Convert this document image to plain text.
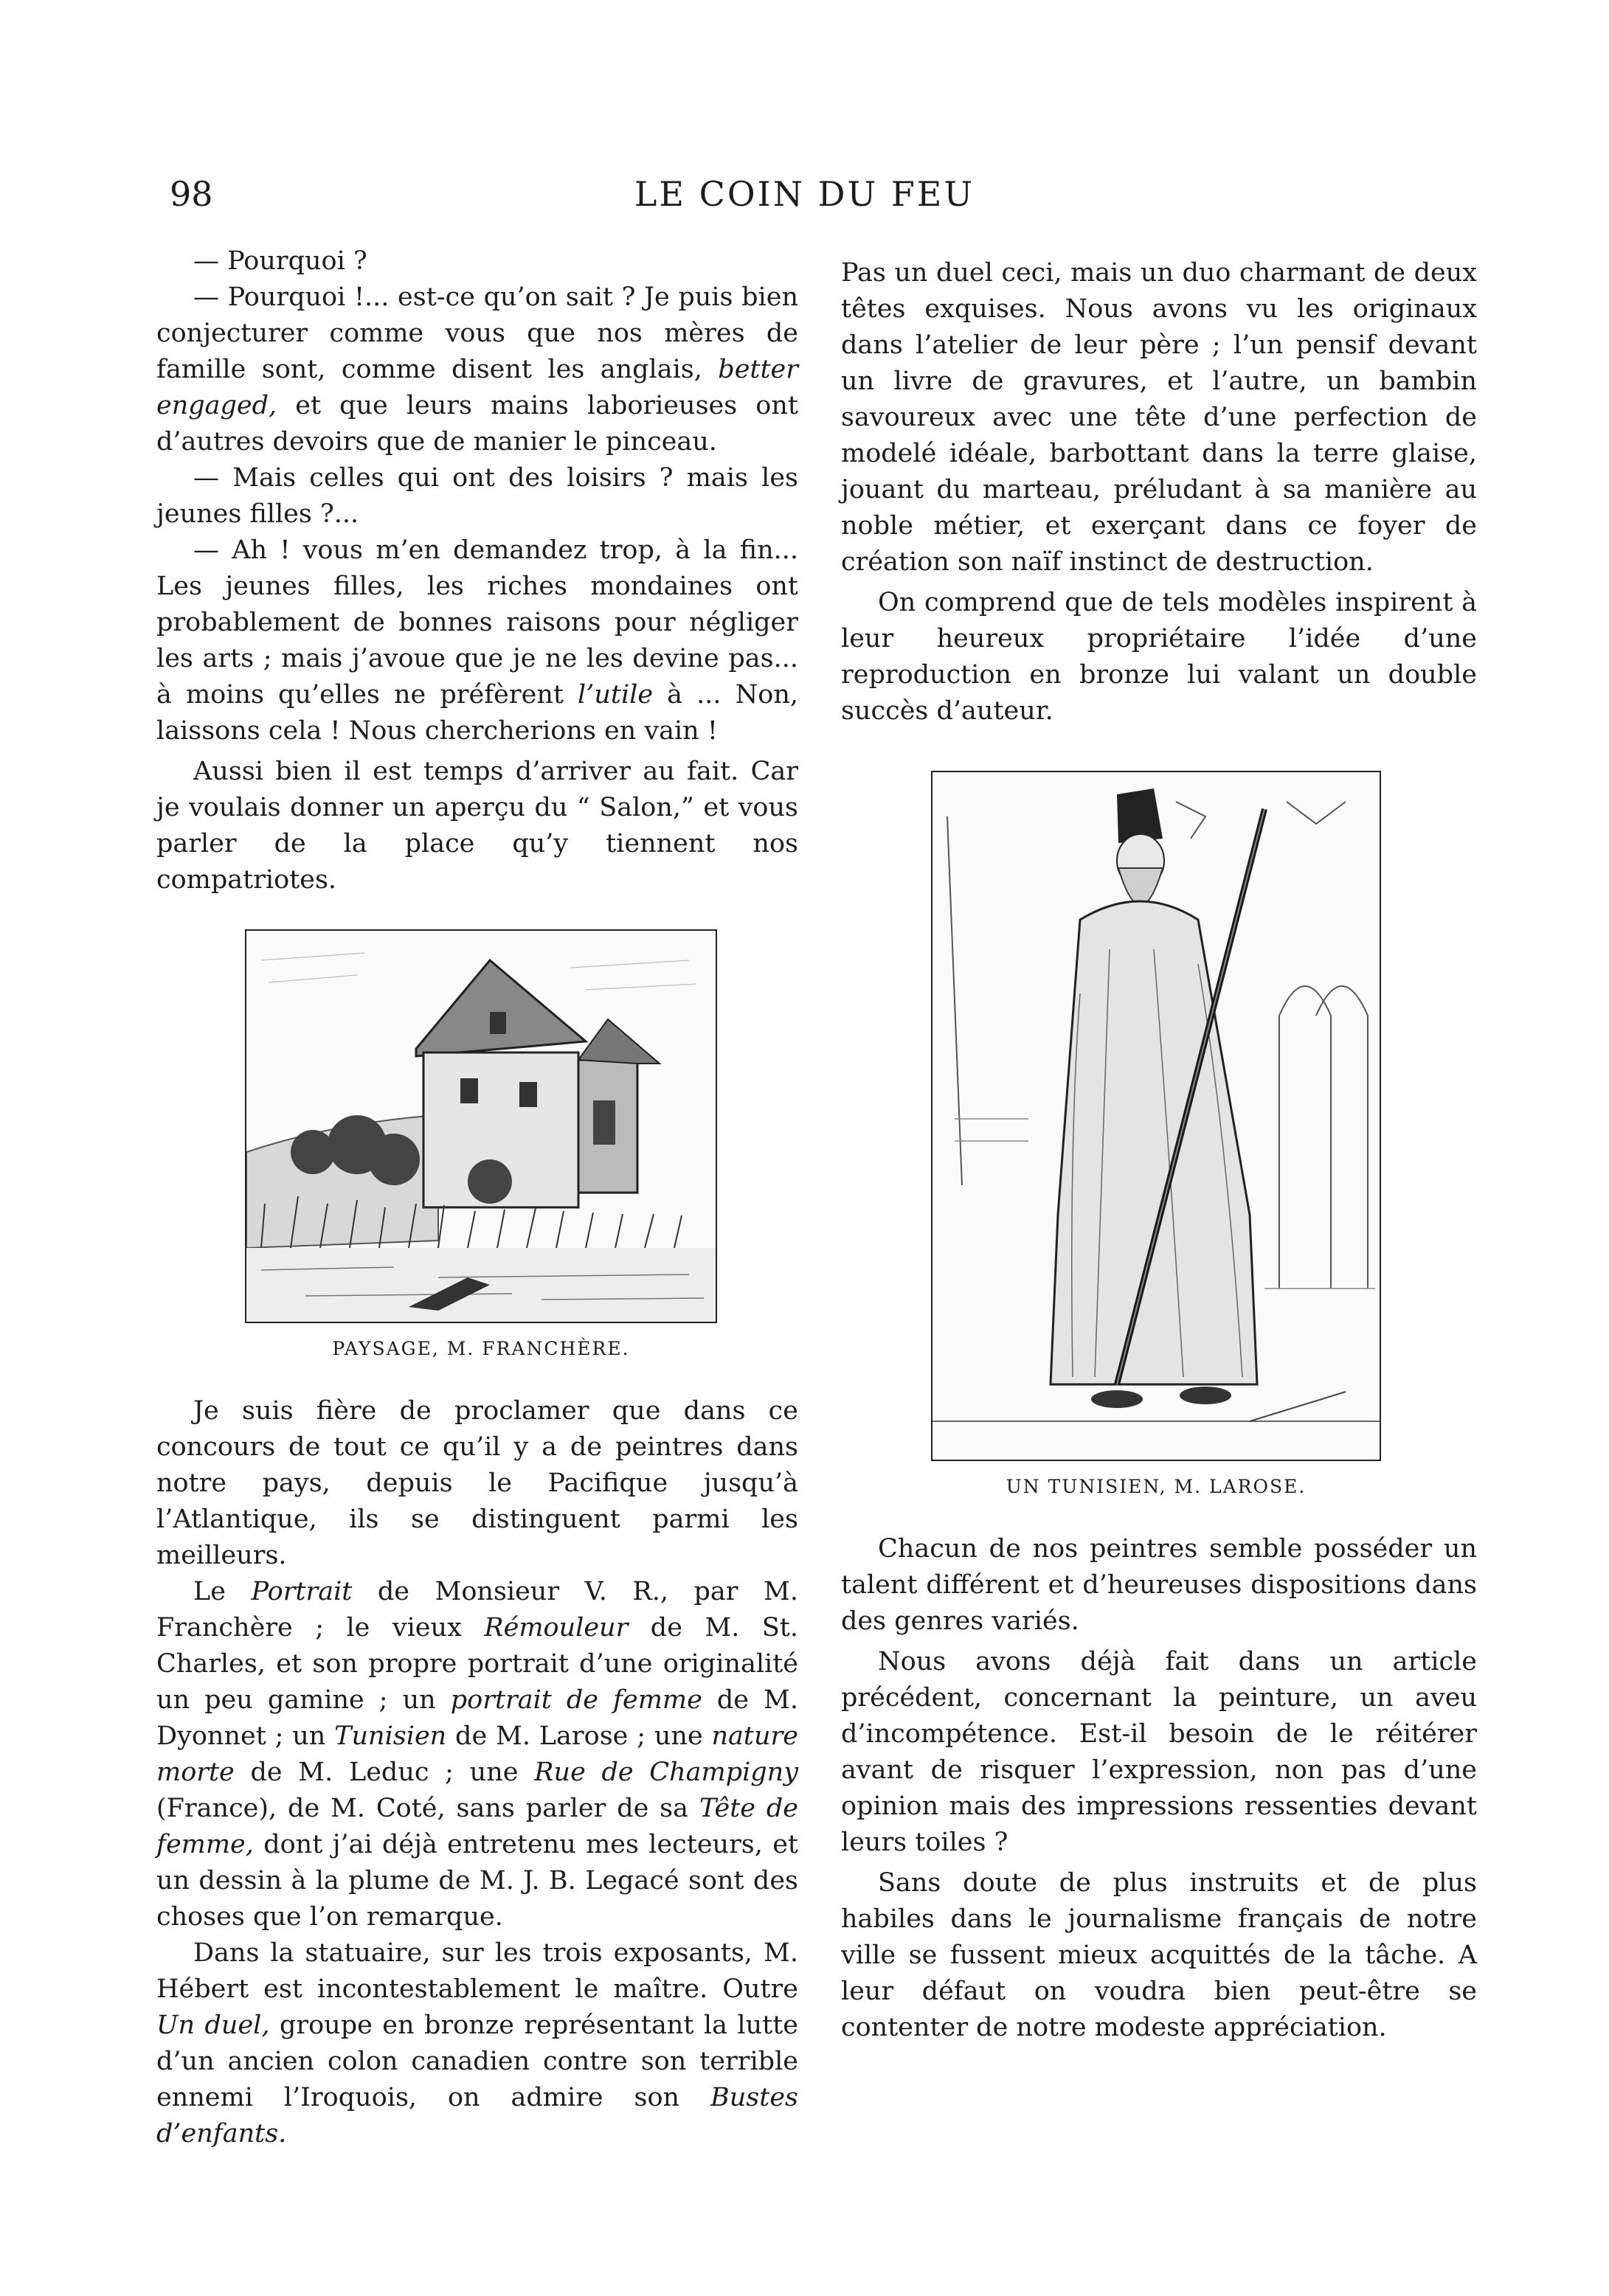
98	LE COIN DU FEU

— Pourquoi ?

— Pourquoi !... est-ce qu’on sait ? Je puis bien conjecturer comme vous que nos mères de famille sont, comme disent les anglais, better engaged, et que leurs mains laborieuses ont d’autres devoirs que de manier le pinceau.

— Mais celles qui ont des loisirs ? mais les jeunes filles ?...

— Ah ! vous m’en demandez trop, à la fin... Les jeunes filles, les riches mondaines ont probablement de bonnes raisons pour négliger les arts ; mais j’avoue que je ne les devine pas... à moins qu’elles ne préfèrent l’utile à ... Non, laissons cela ! Nous chercherions en vain !

Aussi bien il est temps d’arriver au fait. Car je voulais donner un aperçu du “ Salon,” et vous parler de la place qu’y tiennent nos compatriotes.

PAYSAGE, M. FRANCHÈRE.

Je suis fière de proclamer que dans ce concours de tout ce qu’il y a de peintres dans notre pays, depuis le Pacifique jusqu’à l’Atlantique, ils se distinguent parmi les meilleurs.

Le Portrait de Monsieur V. R., par M. Franchère ; le vieux Rémouleur de M. St. Charles, et son propre portrait d’une originalité un peu gamine ; un portrait de femme de M. Dyonnet ; un Tunisien de M. Larose ; une nature morte de M. Leduc ; une Rue de Champigny (France), de M. Coté, sans parler de sa Tête de femme, dont j’ai déjà entretenu mes lecteurs, et un dessin à la plume de M. J. B. Legacé sont des choses que l’on remarque.

Dans la statuaire, sur les trois exposants, M. Hébert est incontestablement le maître. Outre Un duel, groupe en bronze représentant la lutte d’un ancien colon canadien contre son terrible ennemi l’Iroquois, on admire son Bustes d’enfants.

Pas un duel ceci, mais un duo charmant de deux têtes exquises. Nous avons vu les originaux dans l’atelier de leur père ; l’un pensif devant un livre de gravures, et l’autre, un bambin savoureux avec une tête d’une perfection de modelé idéale, barbottant dans la terre glaise, jouant du marteau, préludant à sa manière au noble métier, et exerçant dans ce foyer de création son naïf instinct de destruction.

On comprend que de tels modèles inspirent à leur heureux propriétaire l’idée d’une reproduction en bronze lui valant un double succès d’auteur.

UN TUNISIEN, M. LAROSE.

Chacun de nos peintres semble posséder un talent différent et d’heureuses dispositions dans des genres variés.

Nous avons déjà fait dans un article précédent, concernant la peinture, un aveu d’incompétence. Est-il besoin de le réitérer avant de risquer l’expression, non pas d’une opinion mais des impressions ressenties devant leurs toiles ?

Sans doute de plus instruits et de plus habiles dans le journalisme français de notre ville se fussent mieux acquittés de la tâche. A leur défaut on voudra bien peut-être se contenter de notre modeste appréciation.
